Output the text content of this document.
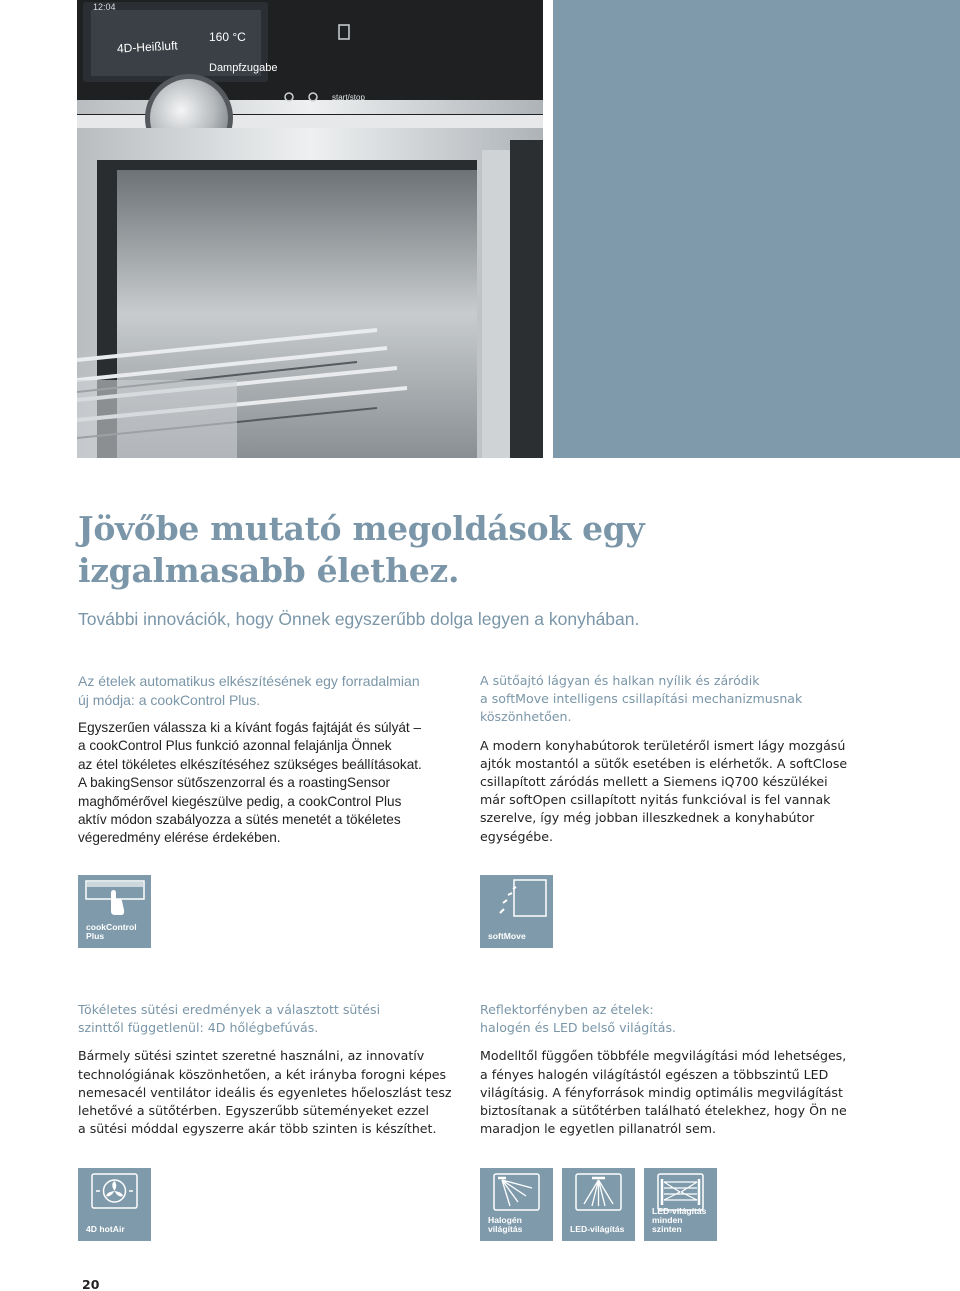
12:04
4D-Heißluft
160 °C
Dampfzugabe
start/stop
Jövőbe mutató megoldások egy
izgalmasabb élethez.
További innovációk, hogy Önnek egyszerűbb dolga legyen a konyhában.
Az ételek automatikus elkészítésének egy forradalmian
új módja: a cookControl Plus.
Egyszerűen válassza ki a kívánt fogás fajtáját és súlyát –
a cookControl Plus funkció azonnal felajánlja Önnek
az étel tökéletes elkészítéséhez szükséges beállításokat.
A bakingSensor sütőszenzorral és a roastingSensor
maghőmérővel kiegészülve pedig, a cookControl Plus
aktív módon szabályozza a sütés menetét a tökéletes
végeredmény elérése érdekében.
A sütőajtó lágyan és halkan nyílik és záródik
a softMove intelligens csillapítási mechanizmusnak
köszönhetően.
A modern konyhabútorok területéről ismert lágy mozgású
ajtók mostantól a sütők esetében is elérhetők. A softClose
csillapított záródás mellett a Siemens iQ700 készülékei
már softOpen csillapított nyitás funkcióval is fel vannak
szerelve, így még jobban illeszkednek a konyhabútor
egységébe.
cookControl
Plus	softMove
Tökéletes sütési eredmények a választott sütési
szinttől függetlenül: 4D hőlégbefúvás.
Bármely sütési szintet szeretné használni, az innovatív
technológiának köszönhetően, a két irányba forogni képes
nemesacél ventilátor ideális és egyenletes hőeloszlást tesz
lehetővé a sütőtérben. Egyszerűbb süteményeket ezzel
a sütési móddal egyszerre akár több szinten is készíthet.
Reflektorfényben az ételek:
halogén és LED belső világítás.
Modelltől függően többféle megvilágítási mód lehetséges,
a fényes halogén világítástól egészen a többszintű LED
világításig. A fényforrások mindig optimális megvilágítást
biztosítanak a sütőtérben található ételekhez, hogy Ön ne
maradjon le egyetlen pillanatról sem.
4D hotAir
Halogén
világítás	LED-világítás
LED-világítás
minden szinten
20
